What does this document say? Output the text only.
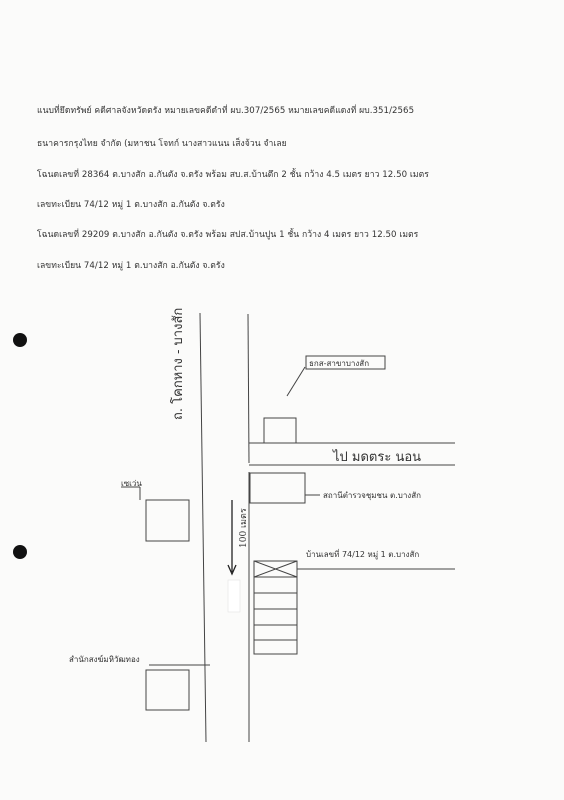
แนบที่ยึดทรัพย์ คดีศาลจังหวัดตรัง หมายเลขคดีดำที่ ผบ.307/2565 หมายเลขคดีแดงที่ ผบ.351/2565
ธนาคารกรุงไทย จำกัด (มหาชน โจทก์ นางสาวแนน เส็งจ้วน จำเลย
โฉนดเลขที่ 28364 ต.บางสัก อ.กันตัง จ.ตรัง พร้อม สบ.ส.บ้านตึก 2 ชั้น กว้าง 4.5 เมตร ยาว 12.50 เมตร
เลขทะเบียน 74/12 หมู่ 1 ต.บางสัก อ.กันตัง จ.ตรัง
โฉนดเลขที่ 29209 ต.บางสัก อ.กันตัง จ.ตรัง พร้อม สปส.บ้านปูน 1 ชั้น กว้าง 4 เมตร ยาว 12.50 เมตร
เลขทะเบียน 74/12 หมู่ 1 ต.บางสัก อ.กันตัง จ.ตรัง
ธกส-สาขาบางสัก
ไป มดตระ นอน
สถานีตำรวจชุมชน ต.บางสัก
บ้านเลขที่ 74/12 หมู่ 1 ต.บางสัก
เซเว่น
สำนักสงฆ์มหิวัฒทอง
ถ. โคกหาง - บางสัก
100 เมตร
